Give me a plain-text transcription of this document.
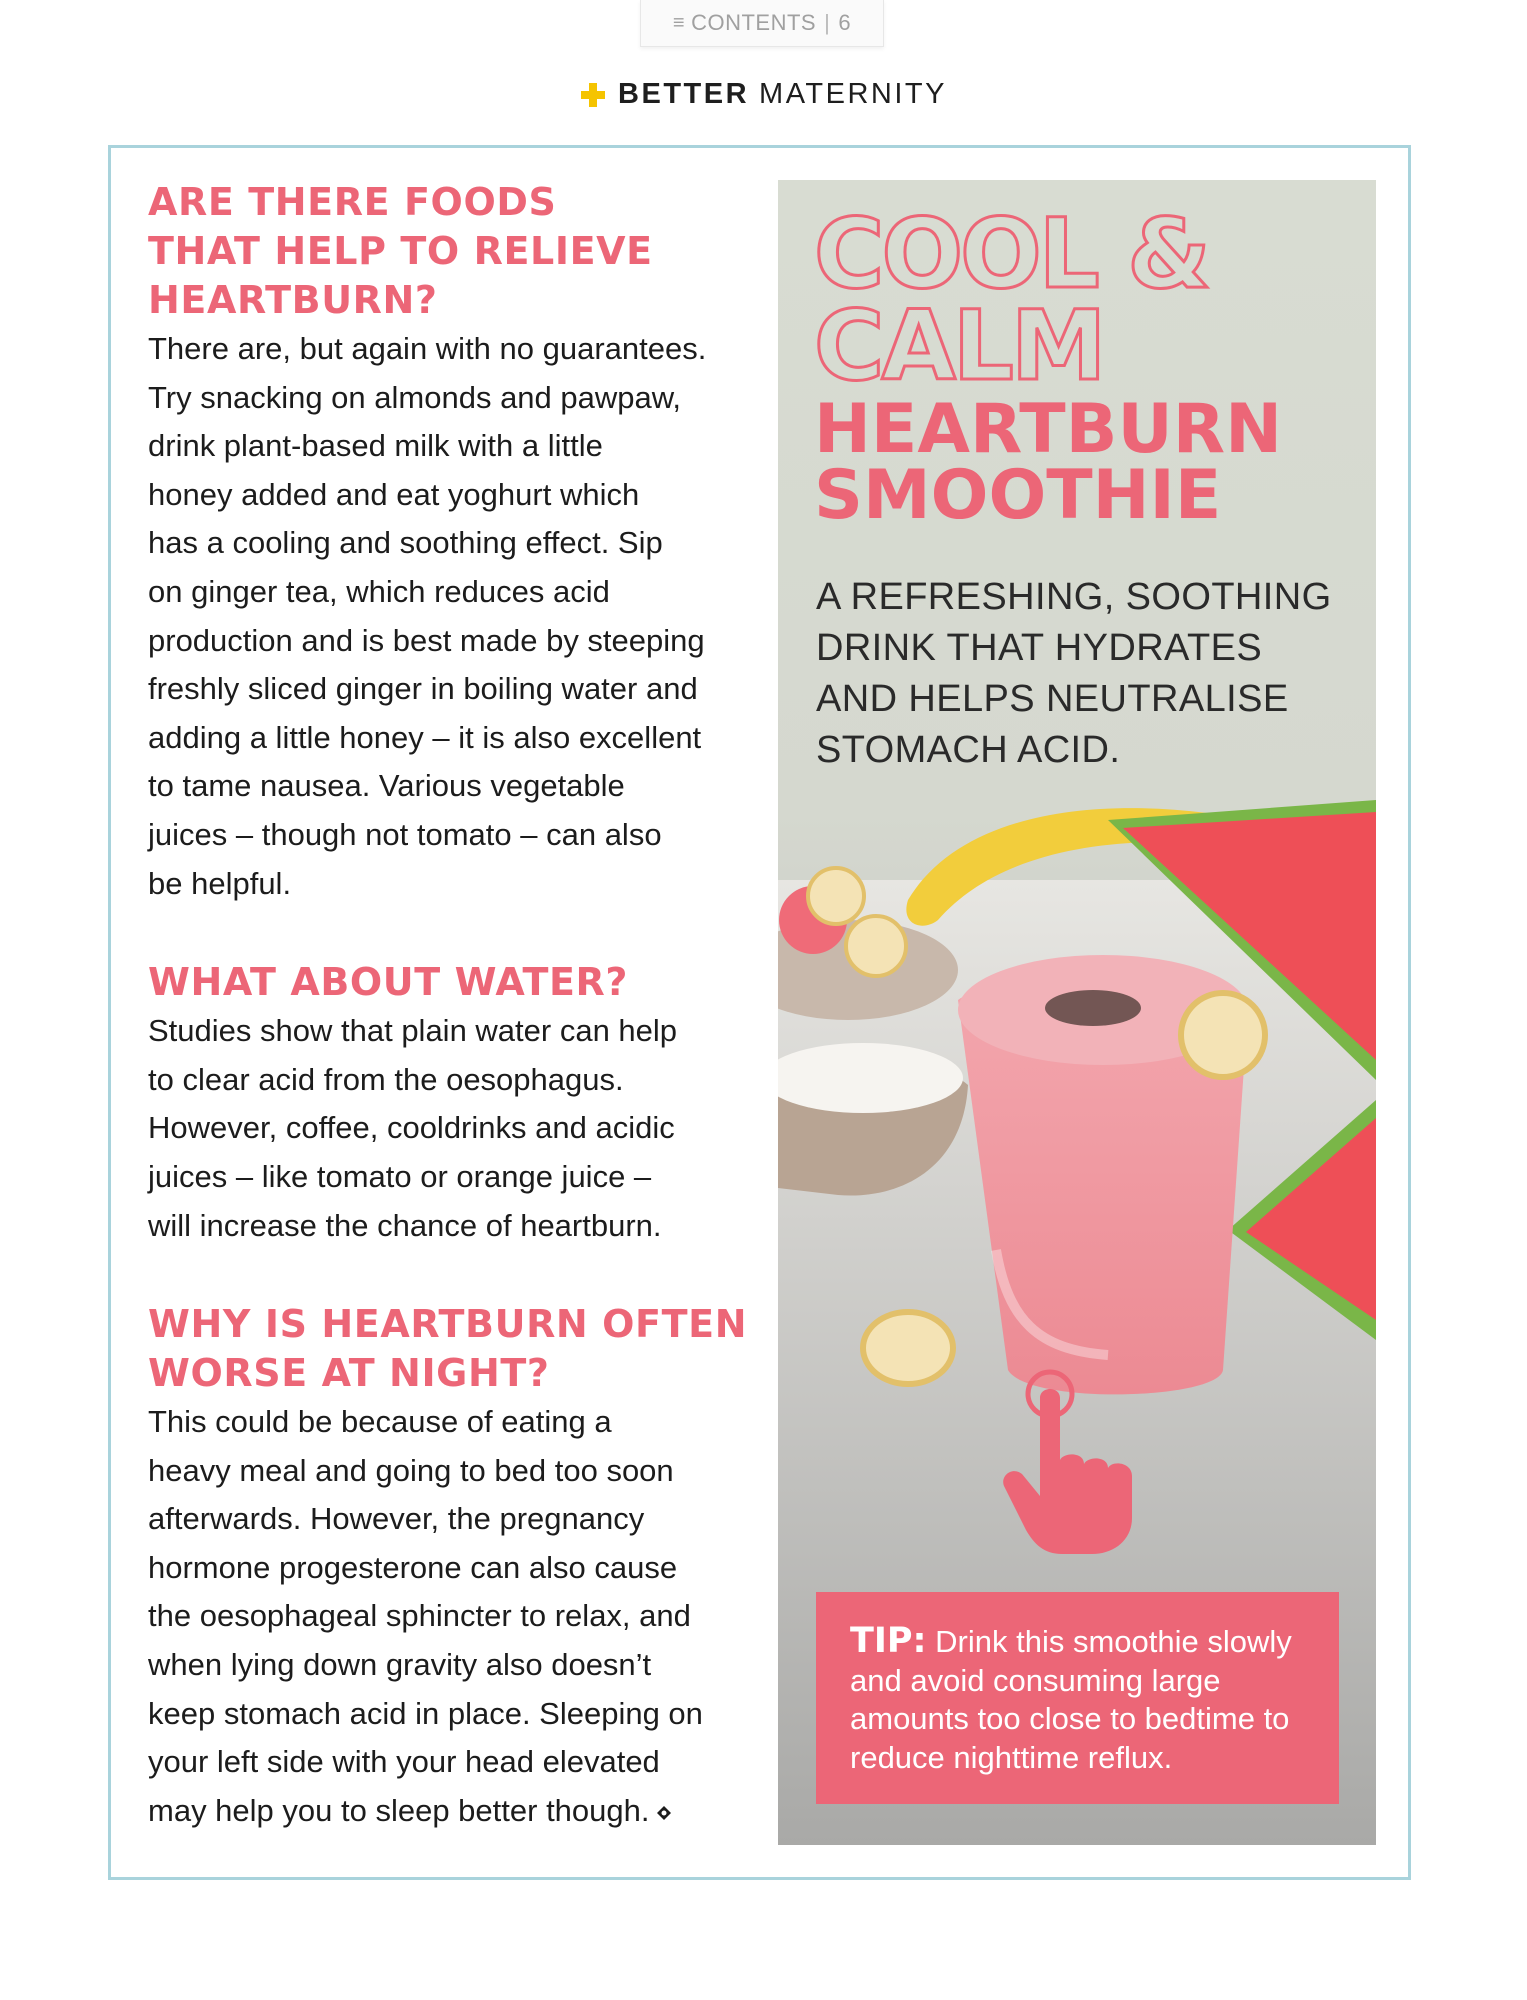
≡ CONTENTS | 6
BETTER MATERNITY
ARE THERE FOODS
THAT HELP TO RELIEVE
HEARTBURN?
There are, but again with no guarantees.
Try snacking on almonds and pawpaw,
drink plant-based milk with a little
honey added and eat yoghurt which
has a cooling and soothing effect. Sip
on ginger tea, which reduces acid
production and is best made by steeping
freshly sliced ginger in boiling water and
adding a little honey – it is also excellent
to tame nausea. Various vegetable
juices – though not tomato – can also
be helpful.
WHAT ABOUT WATER?
Studies show that plain water can help
to clear acid from the oesophagus.
However, coffee, cooldrinks and acidic
juices – like tomato or orange juice –
will increase the chance of heartburn.
WHY IS HEARTBURN OFTEN
WORSE AT NIGHT?
This could be because of eating a
heavy meal and going to bed too soon
afterwards. However, the pregnancy
hormone progesterone can also cause
the oesophageal sphincter to relax, and
when lying down gravity also doesn’t
keep stomach acid in place. Sleeping on
your left side with your head elevated
may help you to sleep better though.
COOL &
CALM
HEARTBURN
SMOOTHIE
A REFRESHING, SOOTHING
DRINK THAT HYDRATES
AND HELPS NEUTRALISE
STOMACH ACID.
TIP: Drink this smoothie slowly and avoid consuming large amounts too close to bedtime to reduce nighttime reflux.
